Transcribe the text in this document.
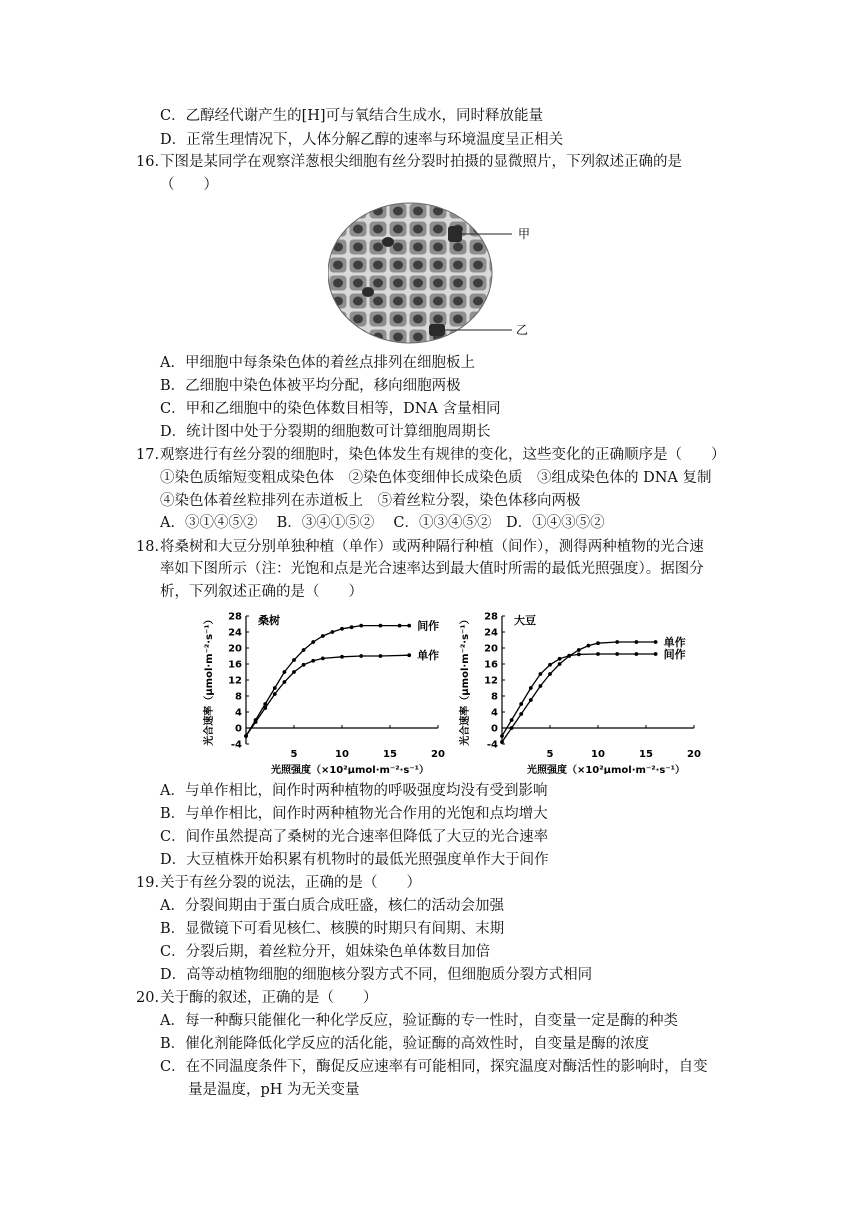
C．乙醇经代谢产生的[H]可与氧结合生成水，同时释放能量
D．正常生理情况下，人体分解乙醇的速率与环境温度呈正相关
16. 下图是某同学在观察洋葱根尖细胞有丝分裂时拍摄的显微照片，下列叙述正确的是
（　　）
甲
乙
A．甲细胞中每条染色体的着丝点排列在细胞板上
B．乙细胞中染色体被平均分配，移向细胞两极
C．甲和乙细胞中的染色体数目相等，DNA 含量相同
D．统计图中处于分裂期的细胞数可计算细胞周期长
17. 观察进行有丝分裂的细胞时，染色体发生有规律的变化，这些变化的正确顺序是（　　）
①染色质缩短变粗成染色体　②染色体变细伸长成染色质　③组成染色体的 DNA 复制
④染色体着丝粒排列在赤道板上　⑤着丝粒分裂，染色体移向两极
A．③①④⑤②　 B．③④①⑤②　 C．①③④⑤②　D．①④③⑤②
18. 将桑树和大豆分别单独种植（单作）或两种隔行种植（间作），测得两种植物的光合速
率如下图所示（注：光饱和点是光合速率达到最大值时所需的最低光照强度）。据图分
析，下列叙述正确的是（　　）
-4
0
4
8
12
16
20
24
28
5	10	15	20
桑树
光照强度（×10²μmol·m⁻²·s⁻¹）
光合速率（μmol·m⁻²·s⁻¹）	间作
单作
-4
0
4
8
12
16
20
24
28
5	10	15	20
大豆
光照强度（×10²μmol·m⁻²·s⁻¹）
光合速率（μmol·m⁻²·s⁻¹）	单作
间作
A．与单作相比，间作时两种植物的呼吸强度均没有受到影响
B．与单作相比，间作时两种植物光合作用的光饱和点均增大
C．间作虽然提高了桑树的光合速率但降低了大豆的光合速率
D．大豆植株开始积累有机物时的最低光照强度单作大于间作
19. 关于有丝分裂的说法，正确的是（　　）
A．分裂间期由于蛋白质合成旺盛，核仁的活动会加强
B．显微镜下可看见核仁、核膜的时期只有间期、末期
C．分裂后期，着丝粒分开，姐妹染色单体数目加倍
D．高等动植物细胞的细胞核分裂方式不同，但细胞质分裂方式相同
20. 关于酶的叙述，正确的是（　　）
A．每一种酶只能催化一种化学反应，验证酶的专一性时，自变量一定是酶的种类
B．催化剂能降低化学反应的活化能，验证酶的高效性时，自变量是酶的浓度
C．在不同温度条件下，酶促反应速率有可能相同，探究温度对酶活性的影响时，自变
量是温度，pH 为无关变量
